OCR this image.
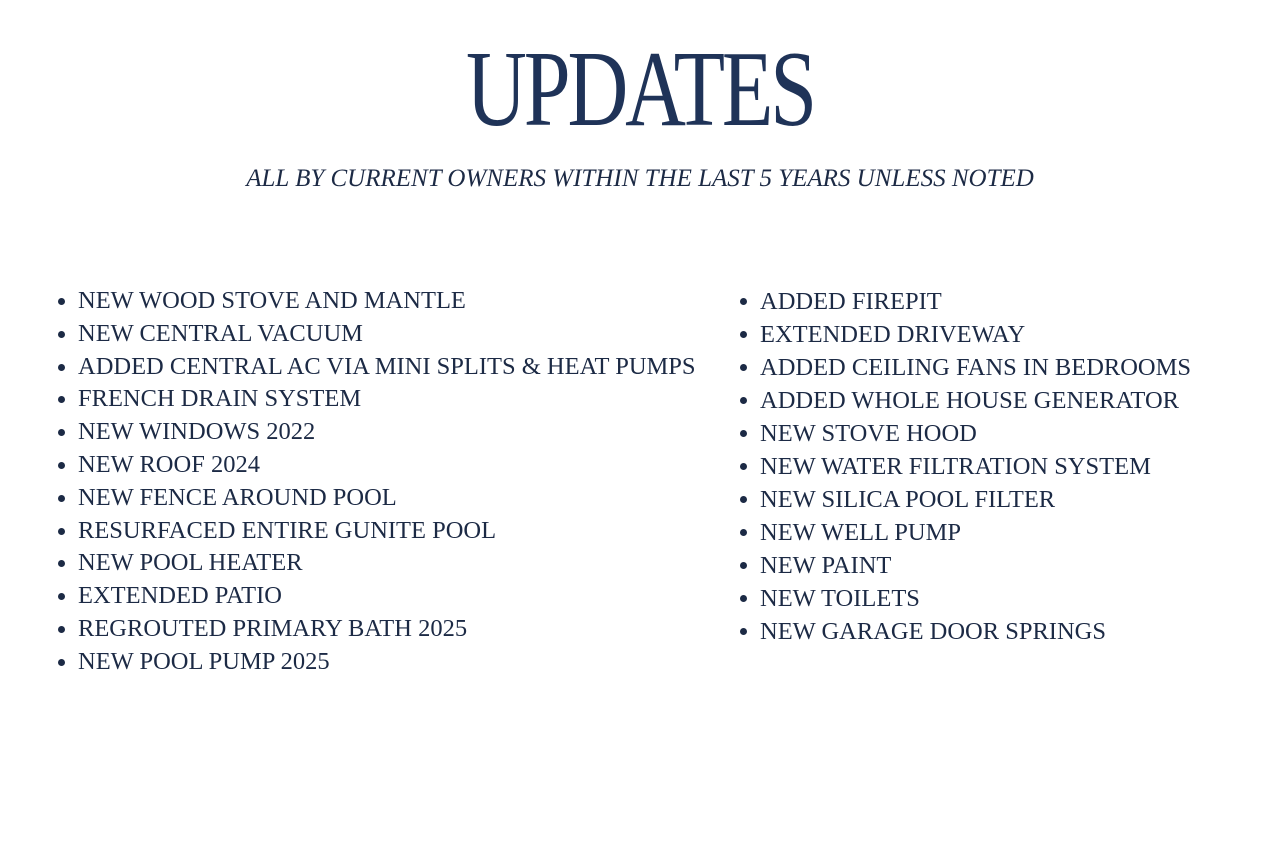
UPDATES
ALL BY CURRENT OWNERS WITHIN THE LAST 5 YEARS UNLESS NOTED
NEW WOOD STOVE AND MANTLE
NEW CENTRAL VACUUM
ADDED CENTRAL AC VIA MINI SPLITS & HEAT PUMPS
FRENCH DRAIN SYSTEM
NEW WINDOWS 2022
NEW ROOF 2024
NEW FENCE AROUND POOL
RESURFACED ENTIRE GUNITE POOL
NEW POOL HEATER
EXTENDED PATIO
REGROUTED PRIMARY BATH 2025
NEW POOL PUMP 2025
ADDED FIREPIT
EXTENDED DRIVEWAY
ADDED CEILING FANS IN BEDROOMS
ADDED WHOLE HOUSE GENERATOR
NEW STOVE HOOD
NEW WATER FILTRATION SYSTEM
NEW SILICA POOL FILTER
NEW WELL PUMP
NEW PAINT
NEW TOILETS
NEW GARAGE DOOR SPRINGS
